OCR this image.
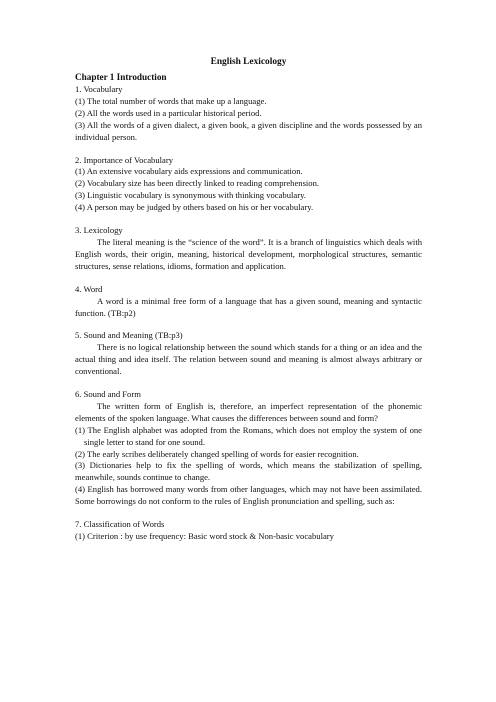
English Lexicology

Chapter 1 Introduction

1. Vocabulary

(1) The total number of words that make up a language.

(2) All the words used in a particular historical period.

(3) All the words of a given dialect, a given book, a given discipline and the words possessed by an individual person.

2. Importance of Vocabulary

(1) An extensive vocabulary aids expressions and communication.

(2) Vocabulary size has been directly linked to reading comprehension.

(3) Linguistic vocabulary is synonymous with thinking vocabulary.

(4) A person may be judged by others based on his or her vocabulary.

3. Lexicology

The literal meaning is the “science of the word”. It is a branch of linguistics which deals with English words, their origin, meaning, historical development, morphological structures, semantic structures, sense relations, idioms, formation and application.

4. Word

A word is a minimal free form of a language that has a given sound, meaning and syntactic function. (TB:p2)

5. Sound and Meaning (TB:p3)

There is no logical relationship between the sound which stands for a thing or an idea and the actual thing and idea itself. The relation between sound and meaning is almost always arbitrary or conventional.

6. Sound and Form

The written form of English is, therefore, an imperfect representation of the phonemic elements of the spoken language. What causes the differences between sound and form?

(1) The English alphabet was adopted from the Romans, which does not employ the system of one single letter to stand for one sound.

(2) The early scribes deliberately changed spelling of words for easier recognition.

(3) Dictionaries help to fix the spelling of words, which means the stabilization of spelling, meanwhile, sounds continue to change.

(4) English has borrowed many words from other languages, which may not have been assimilated. Some borrowings do not conform to the rules of English pronunciation and spelling, such as:

7. Classification of Words

(1) Criterion : by use frequency: Basic word stock & Non-basic vocabulary
